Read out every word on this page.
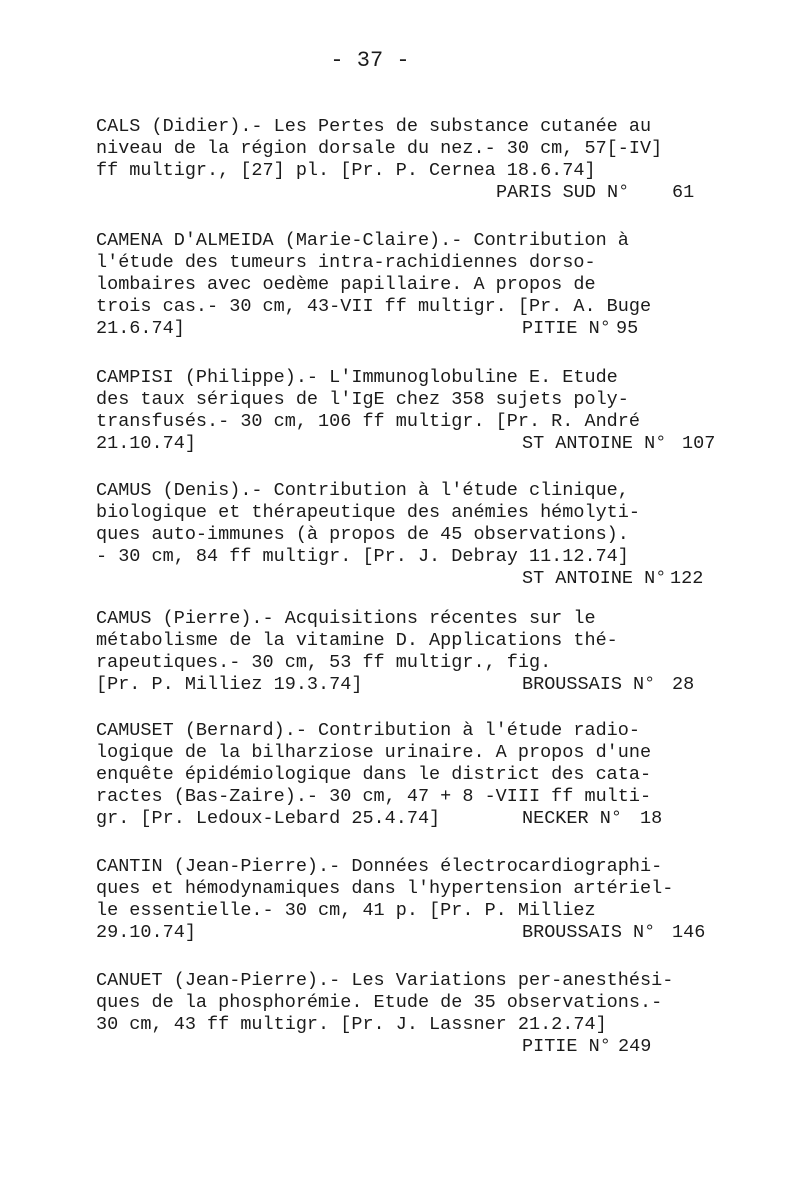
- 37 -
CALS (Didier).- Les Pertes de substance cutanée au
niveau de la région dorsale du nez.- 30 cm, 57[-IV]
ff multigr., [27] pl. [Pr. P. Cernea 18.6.74]
PARIS SUD N° 61
CAMENA D'ALMEIDA (Marie-Claire).- Contribution à
l'étude des tumeurs intra-rachidiennes dorso-
lombaires avec oedème papillaire. A propos de
trois cas.- 30 cm, 43-VII ff multigr. [Pr. A. Buge
21.6.74]	PITIE N° 95
CAMPISI (Philippe).- L'Immunoglobuline E. Etude
des taux sériques de l'IgE chez 358 sujets poly-
transfusés.- 30 cm, 106 ff multigr. [Pr. R. André
21.10.74]	ST ANTOINE N° 107
CAMUS (Denis).- Contribution à l'étude clinique,
biologique et thérapeutique des anémies hémolyti-
ques auto-immunes (à propos de 45 observations).
- 30 cm, 84 ff multigr. [Pr. J. Debray 11.12.74]
ST ANTOINE N° 122
CAMUS (Pierre).- Acquisitions récentes sur le
métabolisme de la vitamine D. Applications thé-
rapeutiques.- 30 cm, 53 ff multigr., fig.
[Pr. P. Milliez 19.3.74]	BROUSSAIS N° 28
CAMUSET (Bernard).- Contribution à l'étude radio-
logique de la bilharziose urinaire. A propos d'une
enquête épidémiologique dans le district des cata-
ractes (Bas-Zaire).- 30 cm, 47 + 8 -VIII ff multi-
gr. [Pr. Ledoux-Lebard 25.4.74]	NECKER N° 18
CANTIN (Jean-Pierre).- Données électrocardiographi-
ques et hémodynamiques dans l'hypertension artériel-
le essentielle.- 30 cm, 41 p. [Pr. P. Milliez
29.10.74]	BROUSSAIS N° 146
CANUET (Jean-Pierre).- Les Variations per-anesthési-
ques de la phosphorémie. Etude de 35 observations.-
30 cm, 43 ff multigr. [Pr. J. Lassner 21.2.74]
PITIE N° 249
